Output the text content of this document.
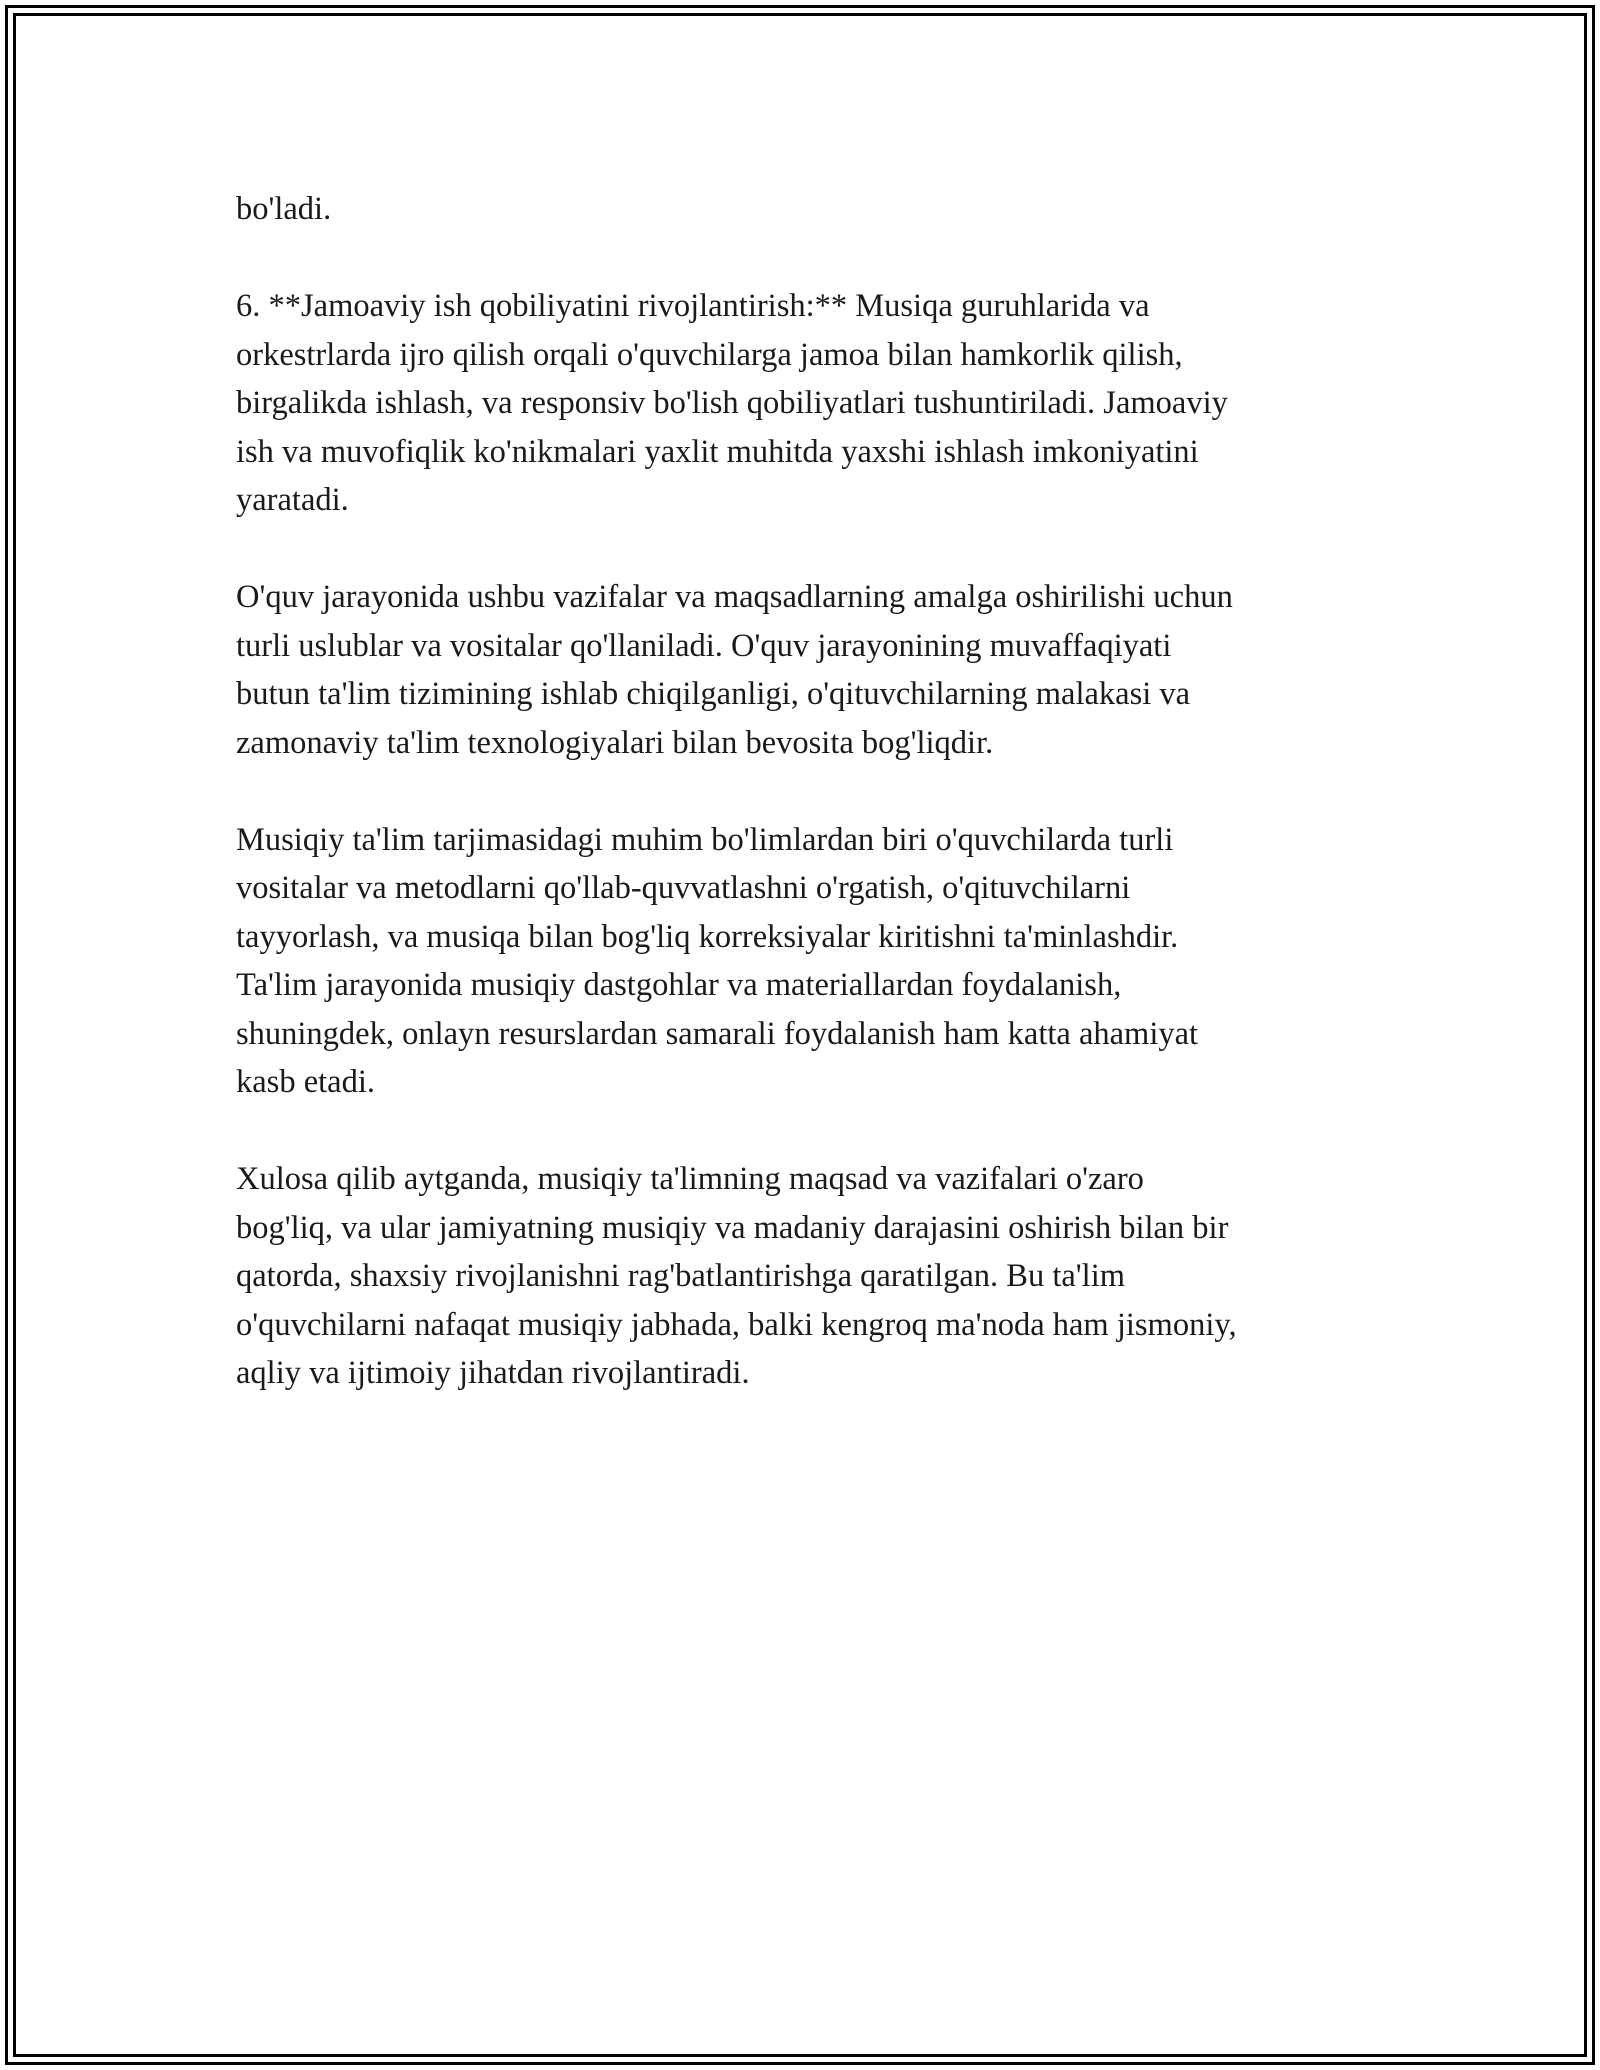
bo'ladi.

6. **Jamoaviy ish qobiliyatini rivojlantirish:** Musiqa guruhlarida va
orkestrlarda ijro qilish orqali o'quvchilarga jamoa bilan hamkorlik qilish,
birgalikda ishlash, va responsiv bo'lish qobiliyatlari tushuntiriladi. Jamoaviy
ish va muvofiqlik ko'nikmalari yaxlit muhitda yaxshi ishlash imkoniyatini
yaratadi.

O'quv jarayonida ushbu vazifalar va maqsadlarning amalga oshirilishi uchun
turli uslublar va vositalar qo'llaniladi. O'quv jarayonining muvaffaqiyati
butun ta'lim tizimining ishlab chiqilganligi, o'qituvchilarning malakasi va
zamonaviy ta'lim texnologiyalari bilan bevosita bog'liqdir.

Musiqiy ta'lim tarjimasidagi muhim bo'limlardan biri o'quvchilarda turli
vositalar va metodlarni qo'llab-quvvatlashni o'rgatish, o'qituvchilarni
tayyorlash, va musiqa bilan bog'liq korreksiyalar kiritishni ta'minlashdir.
Ta'lim jarayonida musiqiy dastgohlar va materiallardan foydalanish,
shuningdek, onlayn resurslardan samarali foydalanish ham katta ahamiyat
kasb etadi.

Xulosa qilib aytganda, musiqiy ta'limning maqsad va vazifalari o'zaro
bog'liq, va ular jamiyatning musiqiy va madaniy darajasini oshirish bilan bir
qatorda, shaxsiy rivojlanishni rag'batlantirishga qaratilgan. Bu ta'lim
o'quvchilarni nafaqat musiqiy jabhada, balki kengroq ma'noda ham jismoniy,
aqliy va ijtimoiy jihatdan rivojlantiradi.
